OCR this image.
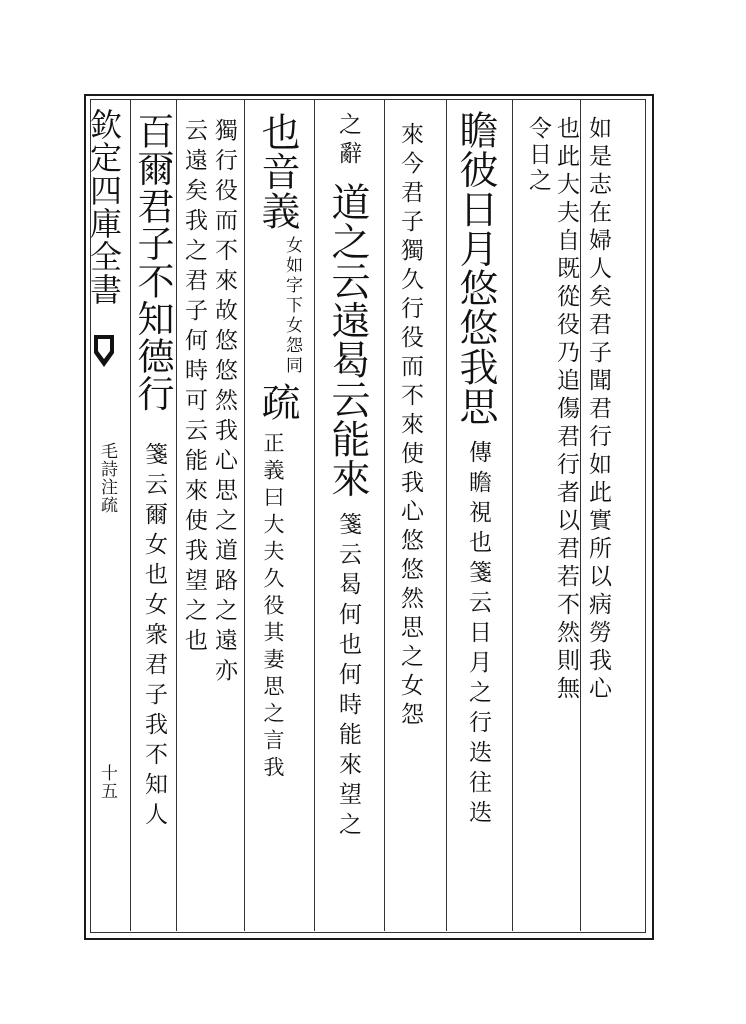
欽定四庫全書
毛詩注疏
十五
如是志在婦人矣君子聞君行如此實所以病勞我心
也此大夫自既從役乃追傷君行者以君若不然則無
令日之
瞻彼日月悠悠我思
傳瞻視也箋云日月之行迭往迭
來今君子獨久行役而不來使我心悠悠然思之女怨
之辭
道之云遠曷云能來
箋云曷何也何時能來望之
也音義
女如字下女怨同
疏
正義曰大夫久役其妻思之言我
獨行役而不來故悠悠然我心思之道路之遠亦
云遠矣我之君子何時可云能來使我望之也
百爾君子不知德行
箋云爾女也女衆君子我不知人
